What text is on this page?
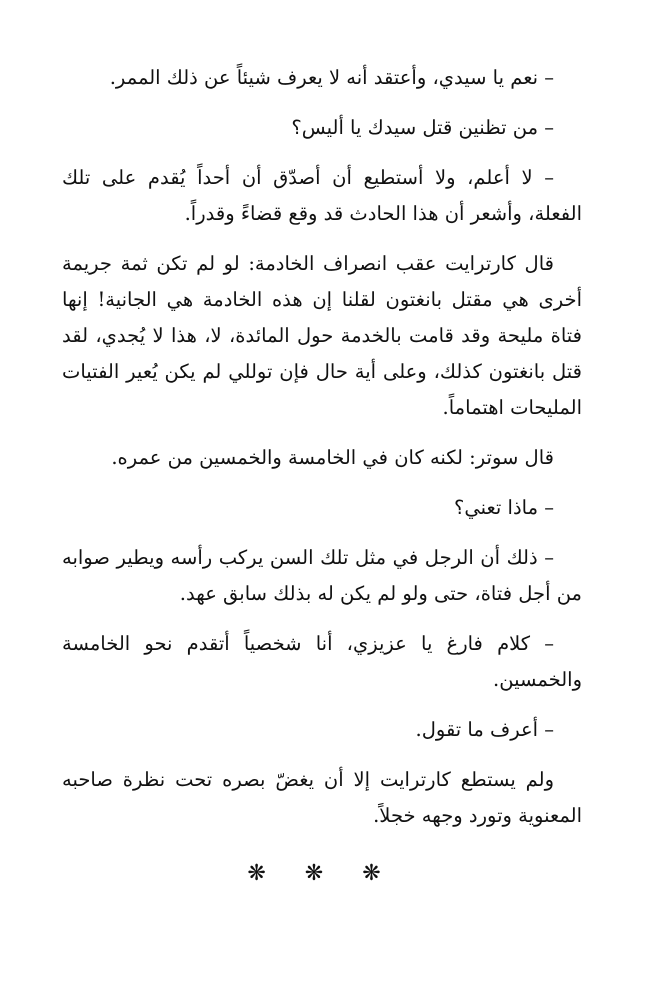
– نعم يا سيدي، وأعتقد أنه لا يعرف شيئاً عن ذلك الممر.

– من تظنين قتل سيدك يا أليس؟

– لا أعلم، ولا أستطيع أن أصدّق أن أحداً يُقدم على تلك الفعلة، وأشعر أن هذا الحادث قد وقع قضاءً وقدراً.

قال كارترايت عقب انصراف الخادمة: لو لم تكن ثمة جريمة أخرى هي مقتل بانغتون لقلنا إن هذه الخادمة هي الجانية! إنها فتاة مليحة وقد قامت بالخدمة حول المائدة، لا، هذا لا يُجدي، لقد قتل بانغتون كذلك، وعلى أية حال فإن توللي لم يكن يُعير الفتيات المليحات اهتماماً.

قال سوتر: لكنه كان في الخامسة والخمسين من عمره.

– ماذا تعني؟

– ذلك أن الرجل في مثل تلك السن يركب رأسه ويطير صوابه من أجل فتاة، حتى ولو لم يكن له بذلك سابق عهد.

– كلام فارغ يا عزيزي، أنا شخصياً أتقدم نحو الخامسة والخمسين.

– أعرف ما تقول.

ولم يستطع كارترايت إلا أن يغضّ بصره تحت نظرة صاحبه المعنوية وتورد وجهه خجلاً.

❋ ❋ ❋
